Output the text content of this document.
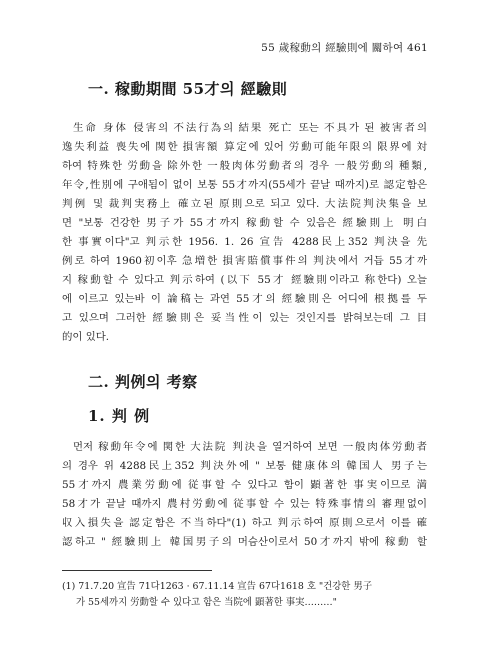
55 歲稼動의 經驗則에 關하여 461
一. 稼動期間 55才의 經驗則
生命 身体 侵害의 不法行為의 結果 死亡 또는 不具가 된 被害者의
逸失利益 喪失에 関한 損害額 算定에 있어 労動可能年限의 限界에 対
하여 特殊한 労動을 除外한 一般肉体労動者의 경우 一般労動의 種類,
年令,性別에 구애됨이 없이 보통 55才까지(55세가 끝날 때까지)로 認定함은
判例 및 裁判実務上 確立된 原則으로 되고 있다. 大法院判決集을 보
면 "보통 건강한 男子가 55才까지 稼動할 수 있음은 經驗則上 明白
한 事實이다"고 判示한 1956. 1. 26 宣告 4288民上352 判決을 先
例로 하여 1960初이후 急増한 損害賠償事件의 判決에서 거듭 55才까
지 稼動할 수 있다고 判示하여 (以下 55才 經驗則이라고 称한다) 오늘
에 이르고 있는바 이 論稿는 과연 55才의 經驗則은 어디에 根拠를 두
고 있으며 그러한 經驗則은 妥当性이 있는 것인지를 밝혀보는데 그 目
的이 있다.
二. 判例의 考察
1. 判 例
먼저 稼動年令에 関한 大法院 判決을 열거하여 보면 一般肉体労動者
의 경우 위 4288民上352 判決外에 " 보통 健康体의 韓国人 男子는
55才까지 農業労動에 従事할 수 있다고 함이 顕著한 事実이므로 満
58才가 끝날 때까지 農村労動에 従事할 수 있는 特殊事情의 審理없이
収入損失을 認定함은 不当하다"(1) 하고 判示하여 原則으로서 이를 確
認하고 " 經驗則上 韓国男子의 머슴산이로서 50才까지 밖에 稼動 할
(1) 71.7.20 宣告 71다1263 · 67.11.14 宣告 67다1618 호 "건강한 男子
가 55세까지 労動할 수 있다고 함은 当院에 顕著한 事実………"
